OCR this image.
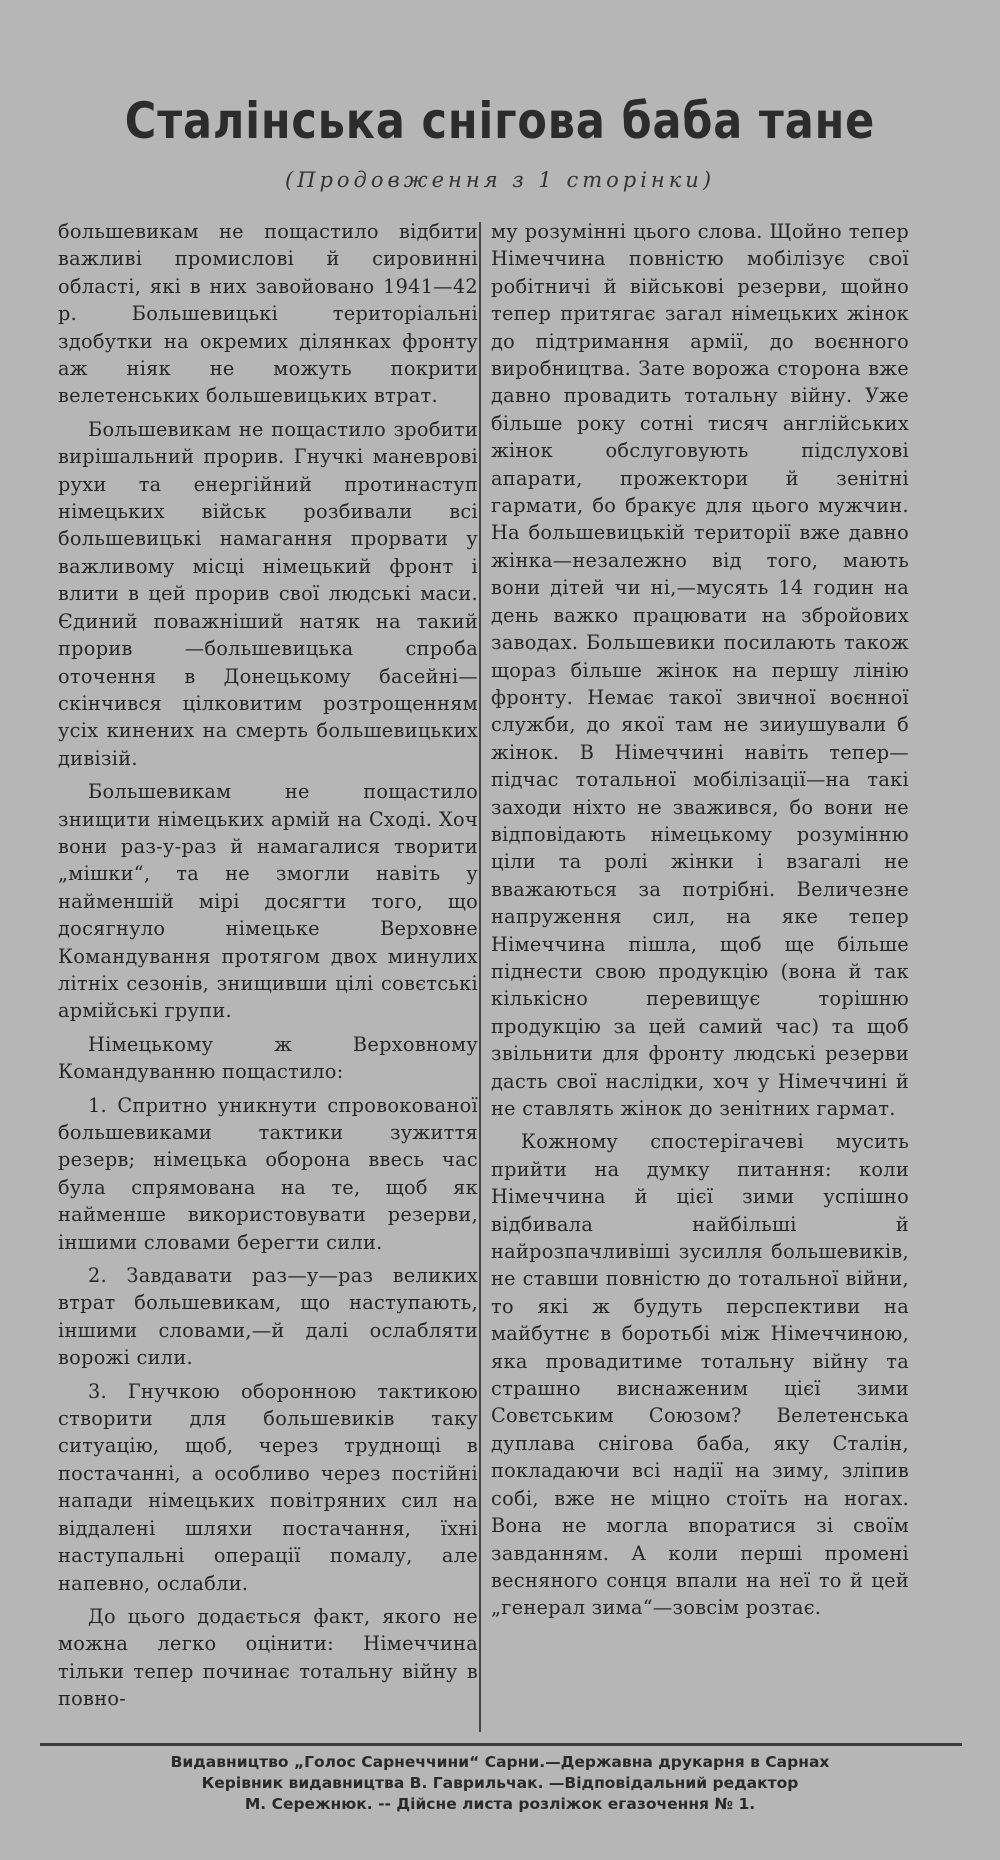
Сталінська снігова баба тане
(Продовження з 1 сторінки)

большевикам не пощастило відбити важливі промислові й сировинні області, які в них завойовано 1941—42 р. Большевицькі територіальні здобутки на окремих ділянках фронту аж ніяк не можуть покрити велетенських большевицьких втрат.

Большевикам не пощастило зробити вирішальний прорив. Гнучкі маневрові рухи та енергійний протинаступ німецьких військ розбивали всі большевицькі намагання прорвати у важливому місці німецький фронт і влити в цей прорив свої людські маси. Єдиний поважніший натяк на такий прорив —большевицька спроба оточення в Донецькому басейні—скінчився цілковитим розтрощенням усіх кинених на смерть большевицьких дивізій.

Большевикам не пощастило знищити німецьких армій на Сході. Хоч вони раз-у-раз й намагалися творити „мішки“, та не змогли навіть у найменшій мірі досягти того, що досягнуло німецьке Верховне Командування протягом двох минулих літніх сезонів, знищивши цілі совєтські армійські групи.

Німецькому ж Верховному Командуванню пощастило:

1. Спритно уникнути спровокованої большевиками тактики зужиття резерв; німецька оборона ввесь час була спрямована на те, щоб як найменше використовувати резерви, іншими словами берегти сили.

2. Завдавати раз—у—раз великих втрат большевикам, що наступають, іншими словами,—й далі ослабляти ворожі сили.

3. Гнучкою оборонною тактикою створити для большевиків таку ситуацію, щоб, через труднощі в постачанні, а особливо через постійні напади німецьких повітряних сил на віддалені шляхи постачання, їхні наступальні операції помалу, але напевно, ослабли.

До цього додається факт, якого не можна легко оцінити: Німеччина тільки тепер починає тотальну війну в повно-

му розумінні цього слова. Щойно тепер Німеччина повністю мобілізує свої робітничі й військові резерви, щойно тепер притягає загал німецьких жінок до підтримання армії, до воєнного виробництва. Зате ворожа сторона вже давно провадить тотальну війну. Уже більше року сотні тисяч англійських жінок обслуговують підслухові апарати, прожектори й зенітні гармати, бо бракує для цього мужчин. На большевицькій території вже давно жінка—незалежно від того, мають вони дітей чи ні,—мусять 14 годин на день важко працювати на збройових заводах. Большевики посилають також щораз більше жінок на першу лінію фронту. Немає такої звичної воєнної служби, до якої там не зииушували б жінок. В Німеччині навіть тепер—підчас тотальної мобілізації—на такі заходи ніхто не зважився, бо вони не відповідають німецькому розумінню ціли та ролі жінки і взагалі не вважаються за потрібні. Величезне напруження сил, на яке тепер Німеччина пішла, щоб ще більше піднести свою продукцію (вона й так кількісно перевищує торішню продукцію за цей самий час) та щоб звільнити для фронту людські резерви дасть свої наслідки, хоч у Німеччині й не ставлять жінок до зенітних гармат.

Кожному спостерігачеві мусить прийти на думку питання: коли Німеччина й цієї зими успішно відбивала найбільші й найрозпачливіші зусилля большевиків, не ставши повністю до тотальної війни, то які ж будуть перспективи на майбутнє в боротьбі між Німеччиною, яка провадитиме тотальну війну та страшно виснаженим цієї зими Совєтським Союзом? Велетенська дуплава снігова баба, яку Сталін, покладаючи всі надії на зиму, зліпив собі, вже не міцно стоїть на ногах. Вона не могла впоратися зі своїм завданням. А коли перші промені весняного сонця впали на неї то й цей „генерал зима“—зовсім розтає.

Видавництво „Голос Сарнеччини“ Сарни.—Державна друкарня в Сарнах
Керівник видавництва В. Гаврильчак. —Відповідальний редактор
М. Сережнюк. -- Дійсне листа розліжок егазочення № 1.
